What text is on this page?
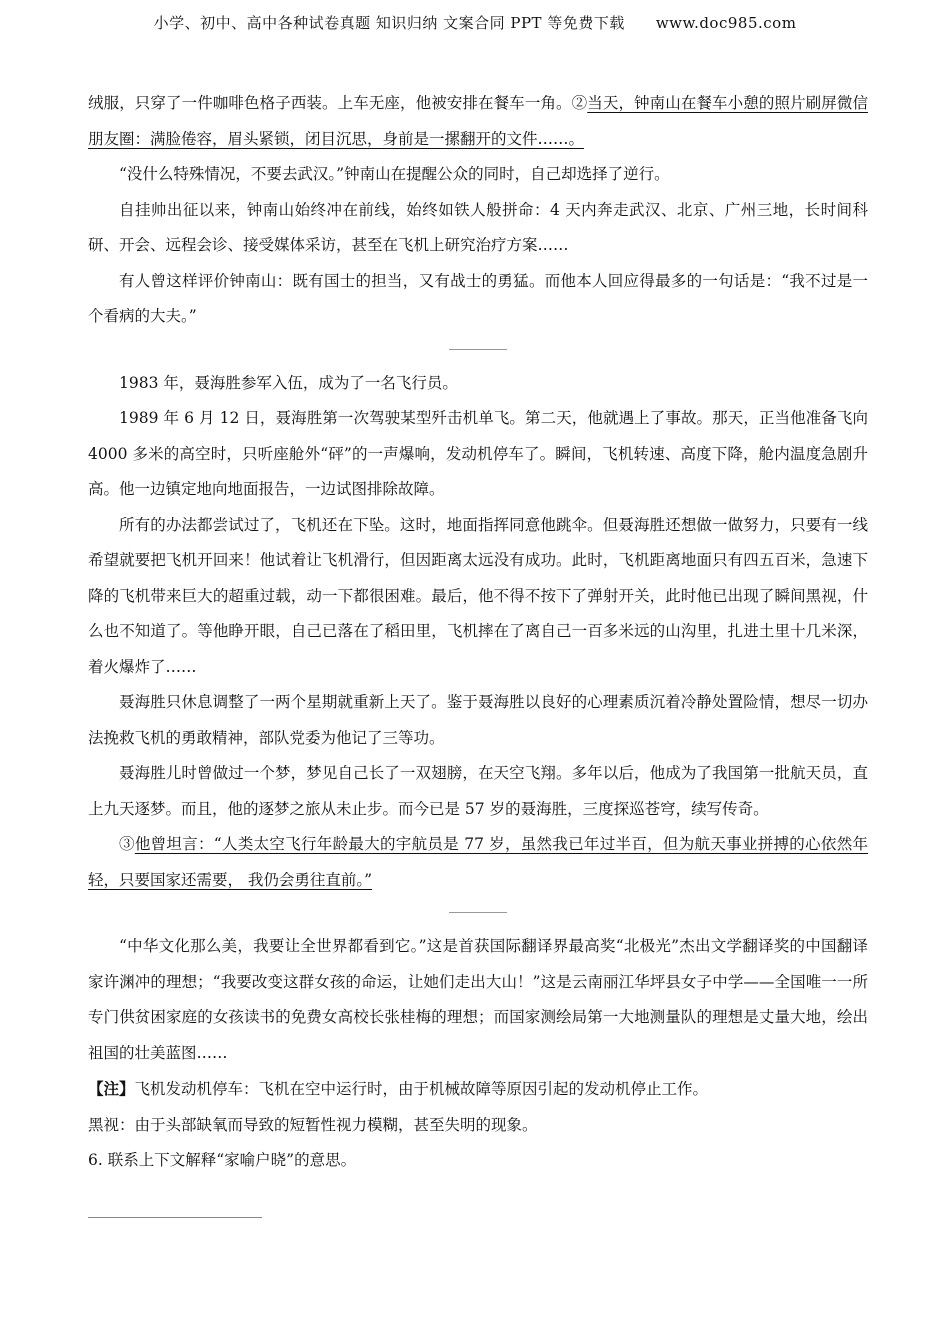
小学、初中、高中各种试卷真题 知识归纳 文案合同 PPT 等免费下载　　www.doc985.com

绒服，只穿了一件咖啡色格子西装。上车无座，他被安排在餐车一角。②当天，钟南山在餐车小憩的照片刷屏微信朋友圈：满脸倦容，眉头紧锁，闭目沉思，身前是一摞翻开的文件……。

“没什么特殊情况，不要去武汉。”钟南山在提醒公众的同时，自己却选择了逆行。

自挂帅出征以来，钟南山始终冲在前线，始终如铁人般拼命：4 天内奔走武汉、北京、广州三地，长时间科研、开会、远程会诊、接受媒体采访，甚至在飞机上研究治疗方案……

有人曾这样评价钟南山：既有国士的担当，又有战士的勇猛。而他本人回应得最多的一句话是：“我不过是一个看病的大夫。”

1983 年，聂海胜参军入伍，成为了一名飞行员。

1989 年 6 月 12 日，聂海胜第一次驾驶某型歼击机单飞。第二天，他就遇上了事故。那天，正当他准备飞向 4000 多米的高空时，只听座舱外“砰”的一声爆响，发动机停车了。瞬间，飞机转速、高度下降，舱内温度急剧升高。他一边镇定地向地面报告，一边试图排除故障。

所有的办法都尝试过了，飞机还在下坠。这时，地面指挥同意他跳伞。但聂海胜还想做一做努力，只要有一线希望就要把飞机开回来！他试着让飞机滑行，但因距离太远没有成功。此时，飞机距离地面只有四五百米，急速下降的飞机带来巨大的超重过载，动一下都很困难。最后，他不得不按下了弹射开关，此时他已出现了瞬间黑视，什么也不知道了。等他睁开眼，自己已落在了稻田里，飞机摔在了离自己一百多米远的山沟里，扎进土里十几米深，着火爆炸了……

聂海胜只休息调整了一两个星期就重新上天了。鉴于聂海胜以良好的心理素质沉着冷静处置险情，想尽一切办法挽救飞机的勇敢精神，部队党委为他记了三等功。

聂海胜儿时曾做过一个梦，梦见自己长了一双翅膀，在天空飞翔。多年以后，他成为了我国第一批航天员，直上九天逐梦。而且，他的逐梦之旅从未止步。而今已是 57 岁的聂海胜，三度探巡苍穹，续写传奇。

③他曾坦言：“人类太空飞行年龄最大的宇航员是 77 岁，虽然我已年过半百，但为航天事业拼搏的心依然年轻，只要国家还需要， 我仍会勇往直前。”

“中华文化那么美，我要让全世界都看到它。”这是首获国际翻译界最高奖“北极光”杰出文学翻译奖的中国翻译家许渊冲的理想；“我要改变这群女孩的命运，让她们走出大山！”这是云南丽江华坪县女子中学——全国唯一一所专门供贫困家庭的女孩读书的免费女高校长张桂梅的理想；而国家测绘局第一大地测量队的理想是丈量大地，绘出祖国的壮美蓝图……

【注】飞机发动机停车：飞机在空中运行时，由于机械故障等原因引起的发动机停止工作。

黑视：由于头部缺氧而导致的短暂性视力模糊，甚至失明的现象。

6. 联系上下文解释“家喻户晓”的意思。
